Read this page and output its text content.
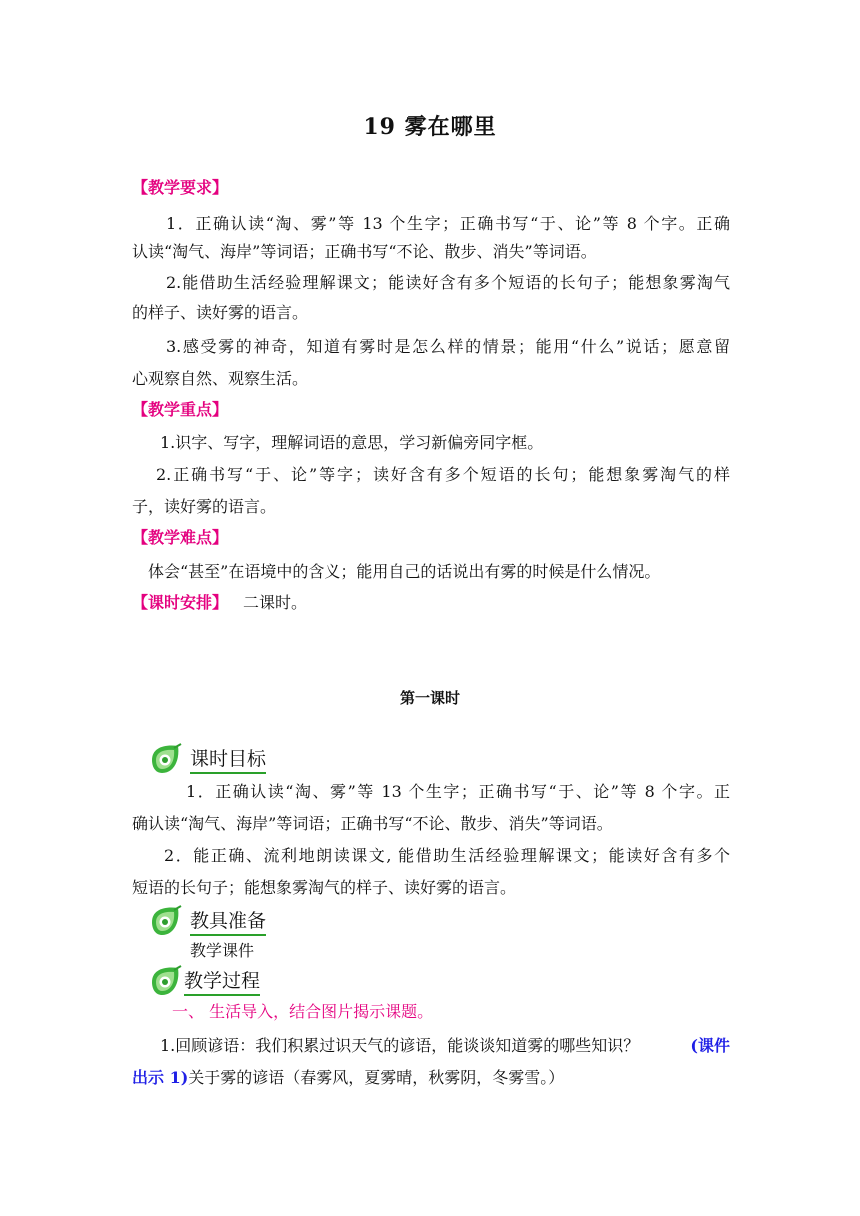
19 雾在哪里
【教学要求】
1．正确认读“淘、雾”等 13 个生字；正确书写“于、论”等 8 个字。正确
认读“淘气、海岸”等词语；正确书写“不论、散步、消失”等词语。
2.能借助生活经验理解课文；能读好含有多个短语的长句子；能想象雾淘气
的样子、读好雾的语言。
3.感受雾的神奇，知道有雾时是怎么样的情景；能用“什么”说话；愿意留
心观察自然、观察生活。
【教学重点】
1.识字、写字，理解词语的意思，学习新偏旁同字框。
2.正确书写“于、论”等字；读好含有多个短语的长句；能想象雾淘气的样
子，读好雾的语言。
【教学难点】
体会“甚至”在语境中的含义；能用自己的话说出有雾的时候是什么情况。
【课时安排】 二课时。
第一课时
课时目标
1．正确认读“淘、雾”等 13 个生字；正确书写“于、论”等 8 个字。正
确认读“淘气、海岸”等词语；正确书写“不论、散步、消失”等词语。
2．能正确、流利地朗读课文, 能借助生活经验理解课文；能读好含有多个
短语的长句子；能想象雾淘气的样子、读好雾的语言。
教具准备
教学课件
教学过程
一、 生活导入，结合图片揭示课题。
1.回顾谚语：我们积累过识天气的谚语，能谈谈知道雾的哪些知识？	(课件
出示 1)关于雾的谚语（春雾风，夏雾晴，秋雾阴，冬雾雪。）
